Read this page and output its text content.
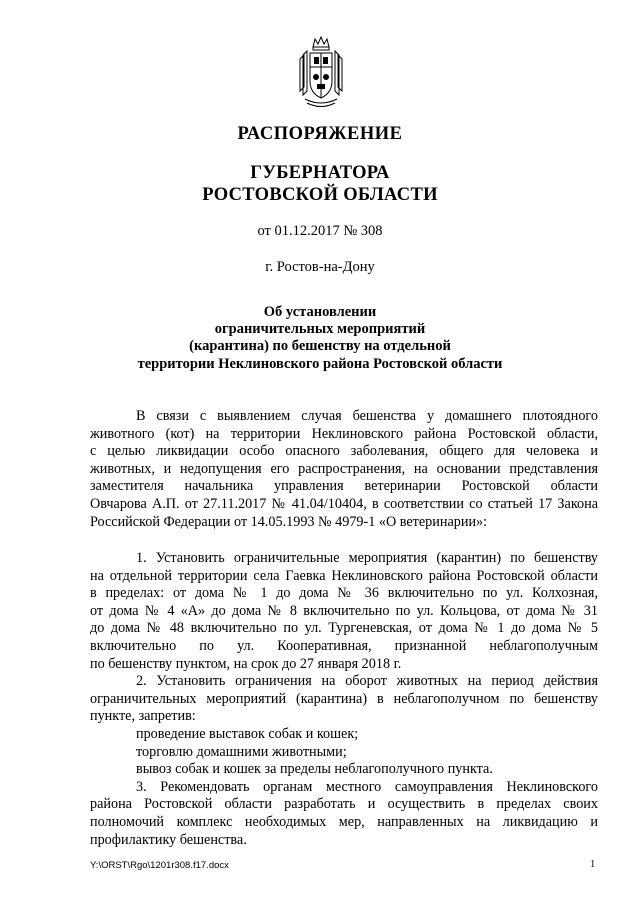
РАСПОРЯЖЕНИЕ
ГУБЕРНАТОРА
РОСТОВСКОЙ ОБЛАСТИ
от 01.12.2017 № 308
г. Ростов-на-Дону
Об установлении
ограничительных мероприятий
(карантина) по бешенству на отдельной
территории Неклиновского района Ростовской области
В связи с выявлением случая бешенства у домашнего плотоядного
животного (кот) на территории Неклиновского района Ростовской области,
с целью ликвидации особо опасного заболевания, общего для человека и
животных, и недопущения его распространения, на основании представления
заместителя начальника управления ветеринарии Ростовской области
Овчарова А.П. от 27.11.2017 № 41.04/10404, в соответствии со статьей 17 Закона
Российской Федерации от 14.05.1993 № 4979-1 «О ветеринарии»:
1. Установить ограничительные мероприятия (карантин) по бешенству
на отдельной территории села Гаевка Неклиновского района Ростовской области
в пределах: от дома № 1 до дома № 36 включительно по ул. Колхозная,
от дома № 4 «А» до дома № 8 включительно по ул. Кольцова, от дома № 31
до дома № 48 включительно по ул. Тургеневская, от дома № 1 до дома № 5
включительно по ул. Кооперативная, признанной неблагополучным
по бешенству пунктом, на срок до 27 января 2018 г.
2. Установить ограничения на оборот животных на период действия
ограничительных мероприятий (карантина) в неблагополучном по бешенству
пункте, запретив:
проведение выставок собак и кошек;
торговлю домашними животными;
вывоз собак и кошек за пределы неблагополучного пункта.
3. Рекомендовать органам местного самоуправления Неклиновского
района Ростовской области разработать и осуществить в пределах своих
полномочий комплекс необходимых мер, направленных на ликвидацию и
профилактику бешенства.
Y:\ORST\Rgo\1201r308.f17.docx	1
